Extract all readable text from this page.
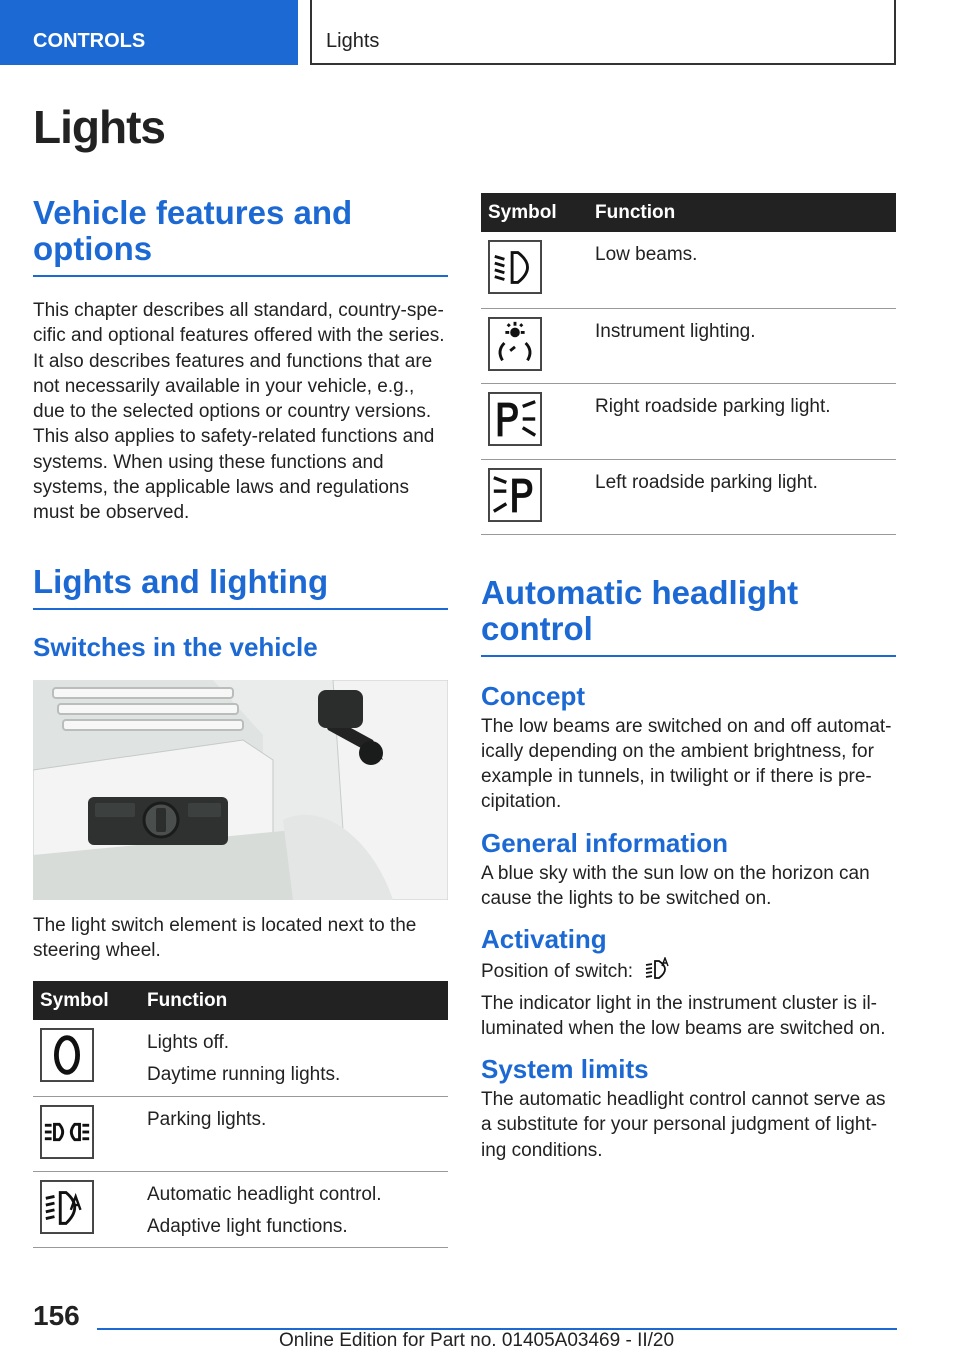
CONTROLS	Lights
Lights
Vehicle features and options

This chapter describes all standard, country-specific and optional features offered with the series. It also describes features and functions that are not necessarily available in your vehicle, e.g., due to the selected options or country versions. This also applies to safety-related functions and systems. When using these functions and systems, the applicable laws and regulations must be observed.

Lights and lighting
Switches in the vehicle

The light switch element is located next to the steering wheel.

Symbol	Function

Lights off.
Daytime running lights.

Parking lights.

Automatic headlight control.
Adaptive light functions.
Symbol	Function

Low beams.

Instrument lighting.

Right roadside parking light.

Left roadside parking light.
Automatic headlight control
Concept

The low beams are switched on and off automatically depending on the ambient brightness, for example in tunnels, in twilight or if there is precipitation.

General information

A blue sky with the sun low on the horizon can cause the lights to be switched on.

Activating

Position of switch:

The indicator light in the instrument cluster is illuminated when the low beams are switched on.

System limits

The automatic headlight control cannot serve as a substitute for your personal judgment of lighting conditions.

156
Online Edition for Part no. 01405A03469 - II/20
